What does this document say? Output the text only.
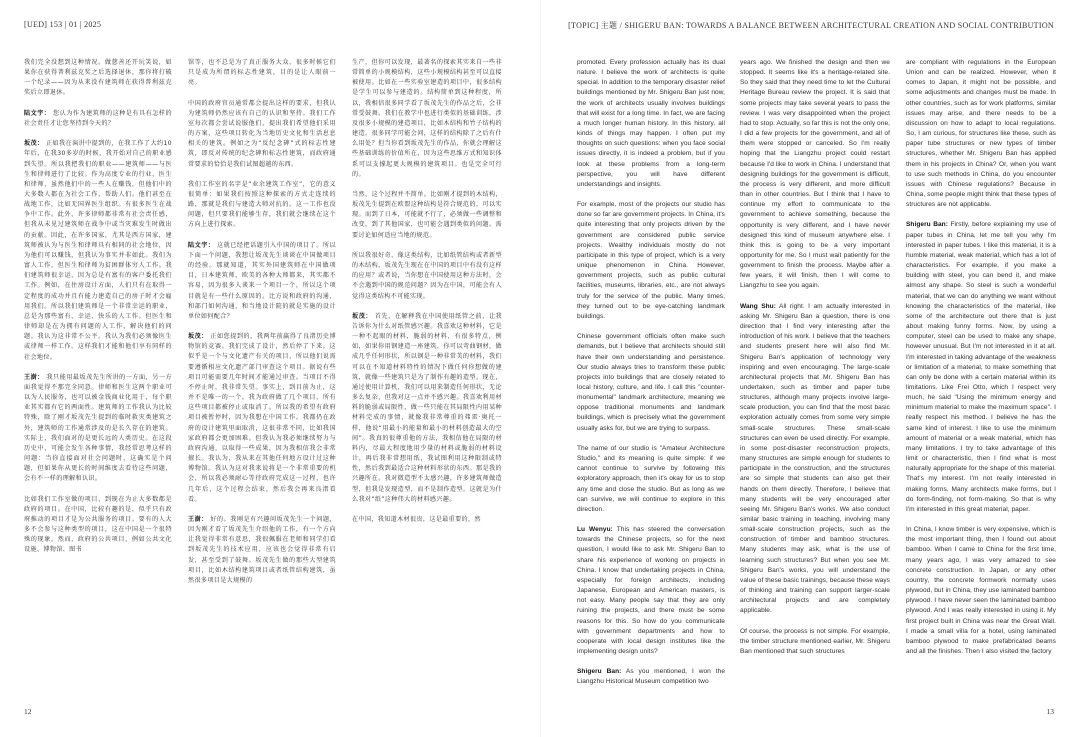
[UED] 153 | 01 | 2025	[TOPIC] 主题 / SHIGERU BAN: TOWARDS A BALANCE BETWEEN ARCHITECTURAL CREATION AND SOCIAL CONTRIBUTION

我们完全没想到这种情况。做慈善还开玩笑说，如果你在获得普利兹克奖之后选择退休，那你将打破一个纪录——因为从来没有建筑师在获得普利兹克奖后立即退休。

陆文宇： 您认为作为建筑师的这种是有具有怎样的社会责任才让您坚持到今天的？

坂茂： 正如我在演讲中提到的，在我工作了大约10年后，在我30多岁的时候，我开始对自己的职业感到失望。所以我把我们的职业——建筑师——与医生和律师进行了比较。作为高度专业的行业，医生和律师，虽然他们中的一些人在赚钱，但他们中的大多数人都在为社会工作，帮助人们。他们甚至在战地工作，比如无国界医生组织。有很多医生在战争中工作。此外，许多律师都非常有社会责任感，但我从未见过建筑师在战争中或当灾难发生时做出的贡献。因此，在许多国家，尤其是西方国家，建筑师被认为与医生和律师具有相同的社会地位，因为他们可以赚钱，但我认为事实并非如此。我们为富人工作，但医生和律师为贫困群体穷人工作。我们建筑师很幸运，因为总是有富有的客户委托我们工作。例如，在住房设计方面，人们只有在取得一定程度的成功并且有能力建造自己的房子时才会雇用我们。所以我们建筑师是一个非常幸运的职业，总是为那些富有、幸运、快乐的人工作。但医生和律师却是在为拥有问题的人工作，解决他们的问题。我认为这非常不公平。我认为我们必须像医生或律师一样工作。这样我们才能和他们享有同样的社会地位。

王澍： 我只能用最坂茂先生所讲的一方面，另一方面我觉得不那完全同意。律师和医生这两个职业可以为人民服务，也可以被金钱商业化用于，每个职业其实都有它的两面性。建筑师的工作我认为比较特殊，除了刚才坂茂先生提到的临时救灾类建筑之外，建筑师的工作通常涉及的是长久存在的建筑。实际上，我们面对的是更长远的人类历史。在这段历史中，可能会发生各种事情，我经常思考这样的问题：当你直接面对社会问题时，这确实是个问题，但如果你从更长的时间维度去看待这些问题，会有不一样的理解和认识。

比如我们工作室做的项目，到现在为止大多数都是政府的项目。在中国，比较有趣的是，似乎只有政府推动的项目才是为公共服务的项目。要有的人大多不会参与这种类型的项目，这在中国是一个很特殊的现象。然而，政府的公共项目，例如公共文化设施、博物馆、图书

馆等，也不总是为了真正服务大众，很多时候它们只是成为所谓的标志性建筑，目的是让人眼前一亮。

中国的政府官员通常都会提出这样的要求，但我认为建筑师仍然应该有自己的认识和坚持。我们工作室每次都会尝试说服他们，提出我们希望他们采用的方案，这些项目转化为当地历史文化和生活息息相关的建筑。例如之为“反纪念碑”式的标志性建筑，即反对传统的纪念碑和标志性建筑，而政府通常要求的恰恰是我们试图超越的东西。

我们工作室的名字是“业余建筑工作室”，它的意义很简单：如果我们按照这种探索的方式走连续的路，那就是我们与建造大师对抗的。这一工作也没问题，但只要我们能够生存，我们就会继续在这个方向上进行探索。

陆文宇： 这就已经把话题引入中国的项目了。所以下面一个问题，我想让坂茂先生谈谈在中国做项目的经验。那就知道，其实外国建筑师在中国做项目，日本建筑师，欧美的各种大师都来，其实都不容易，因为很多人谈来一个项目一个，所以这个项目就是有一些什么原因的。比方说和政府的沟通，和部门如何沟通，和当地设计院的就是实施的设计单位如何配合？

坂茂： 正如您提到的，我两年前赢得了良渚历史博物馆的竞赛。我们完成了设计，然后停了下来。这似乎是一个与文化遗产有关的项目，所以他们说需要遵循相应文化遗产部门审查这个项目。据说有些项目可能需要几年时间才能通过审查。当项目不得不停止时，我非常失望。事实上，到目前为止，这并不是唯一的一个。我为政府做了几个项目，所有这些项目都被停止或取消了。所以我的希望有政府项目被暂停时，因为我想在中国工作。我都仍在政府的设计建筑里面取消，这很非常不同，比如我国家政府都会更加困难。但我认为我必须继续努力与政府沟通，以取得一些成果，因为我相信我会非常擅长。我认为，我从来在其他任何地方设计过这种博物馆。我认为这对我来说将是一个非常重要的机会，所以我必须耐心等待政府完成这一过程，也许几年后，这个过程会结束，然后我会再来良渚看看。

王澍： 好的。我刚是有兴趣问坂茂先生一个问题，因为刚才看了坂茂先生介绍他的工作，有一个方向让我觉得非常有意思，我很佩服在老师和同学们看到坂茂先生的技术应用，应该也会觉得非常有启发，甚至受到了鼓舞。坂茂先生做的那些大型建筑项目，比如木结构建筑项目或者纸管结构建筑，虽然很多项目是大规模的

生产，但你可以发现，最著名的探索其实来自一些非常简单的小规模结构，这些小规模结构甚至可以直接被使用。比如在一些实验室建造的项目中，很多结构是学生可以参与建造的。结构简单到这种程度，所以，我相信很多同学看了坂茂先生的作品之后，会非常受鼓舞。我们在教学中也进行类似的基础训练，涉及很多小规模的建造项目，比如木结构和竹子结构的建造。很多同学可能会问，这样的结构除了之后有什么用处？但当你看到坂茂先生的作品，你就会理解这些基础训练的价值所在，因为这些思维方式和知识体系可以支撑起更大规模的建筑项目。也是完全可行的。

当然，这个过程并不简单。比如刚才提到的木结构，坂茂先生提到在欧盟这种结构是符合规范的，可以实现。而到了日本，可能就不行了，必须做一些调整和改变，到了其他国家，也可能会遇到类似的问题。需要讨论如何适应当地的规范。

所以我很好奇，像这类结构，比如纸管结构或者新型的木结构，坂茂先生现在在中国的项目中有没有这样的应用？或者说，当你想在中国使用这种方法时，会不会遇到中国的规范问题？因为在中国，可能会有人觉得这类结构不可能实现。

坂茂： 首先，在解释我在中国使用纸管之前，让我告诉你为什么对纸管感兴趣。我喜欢这种材料，它是一种不起眼的材料，脆弱的材料，有很多特点，例如，如果你用钢建造一座建筑，你可以弯曲钢材，做成几乎任何形状，所以钢是一种非常美的材料，我们可以在不知道材料特性的情况下做任何你想做的建筑，就像一些建筑只是为了制作有趣的造型。现在，通过使用计算机，我们可以用来制造任何形状，无论多么复杂，但我对这一点并不感兴趣。我喜欢利用材料的脆弱或局限性，做一些只能在其局限性内用某种材料完成的事情，就像我非常尊重的弗雷·奥托一样，他说“用最小的能量和最小的材料创造最大的空间”。我真的很尊重他的方法，我相信他在局限的材料内，尽最大程度地用少量的材料或脆弱的材料设计，再后我非常想用纸，我试图利用这种限制或特性，然后我到最适合这种材料形状的东西。那是我的兴趣所在。我对微造型不太感兴趣，许多建筑师做造型，但我是发现造型，而不是制作造型。这就是为什么我对“纸”这种伟大的材料感兴趣。

在中国，我知道木材很贵，这是最重要的，然

promoted. Every profession actually has its dual nature. I believe the work of architects is quite special. In addition to the temporary disaster relief buildings mentioned by Mr. Shigeru Ban just now, the work of architects usually involves buildings that will exist for a long time. In fact, we are facing a much longer human history. In this history, all kinds of things may happen. I often put my thoughts on such questions: when you face social issues directly, it is indeed a problem, but if you look at these problems from a long-term perspective, you will have different understandings and insights.

For example, most of the projects our studio has done so far are government projects. In China, it's quite interesting that only projects driven by the government are considered public service projects. Wealthy individuals mostly do not participate in this type of project, which is a very unique phenomenon in China. However, government projects, such as public cultural facilities, museums, libraries, etc., are not always truly for the service of the public. Many times, they turned out to be eye-catching landmark buildings.

Chinese government officials often make such demands, but I believe that architects should still have their own understanding and persistence. Our studio always tries to transform these public projects into buildings that are closely related to local history, culture, and life. I call this "counter-monumental" landmark architecture, meaning we oppose traditional monuments and landmark buildings, which is precisely what the government usually asks for, but we are trying to surpass.

The name of our studio is "Amateur Architecture Studio," and its meaning is quite simple: if we cannot continue to survive by following this exploratory approach, then it's okay for us to stop any time and close the studio. But as long as we can survive, we will continue to explore in this direction.

Lu Wenyu: This has steered the conversation towards the Chinese projects, so for the next question, I would like to ask Mr. Shigeru Ban to share his experience of working on projects in China. I know that undertaking projects in China, especially for foreign architects, including Japanese, European and American masters, is not easy. Many people say that they are only ruining the projects, and there must be some reasons for this. So how do you communicate with government departments and how to cooperate with local design institutes like the implementing design units?

Shigeru Ban: As you mentioned, I won the Liangzhu Historical Museum competition two

years ago. We finished the design and then we stopped. It seems like it's a heritage-related site. So they said that they need time to let the Cultural Heritage Bureau review the project. It is said that some projects may take several years to pass the review. I was very disappointed when the project had to stop. Actually, so far this is not the only one, I did a few projects for the government, and all of them were stopped or canceled. So I'm really hoping that the Liangzhu project could restart because I'd like to work in China. I understand that designing buildings for the government is difficult, the process is very different, and more difficult than in other countries. But I think that I have to continue my effort to communicate to the government to achieve something, because the opportunity is very different, and I have never designed this kind of museum anywhere else. I think this is going to be a very important opportunity for me. So I must wait patiently for the government to finish the process. Maybe after a few years, it will finish, then I will come to Liangzhu to see you again.

Wang Shu: All right. I am actually interested in asking Mr. Shigeru Ban a question, there is one direction that I find very interesting after the introduction of his work. I believe that the teachers and students present here will also find Mr. Shigeru Ban's application of technology very inspiring and even encouraging. The large-scale architectural projects that Mr. Shigeru Ban has undertaken, such as timber and paper tube structures, although many projects involve large-scale production, you can find that the most basic exploration actually comes from some very simple small-scale structures. These small-scale structures can even be used directly. For example, in some post-disaster reconstruction projects, many structures are simple enough for students to participate in the construction, and the structures are so simple that students can also get their hands on them directly. Therefore, I believe that many students will be very encouraged after seeing Mr. Shigeru Ban's works. We also conduct similar basic training in teaching, involving many small-scale construction projects, such as the construction of timber and bamboo structures. Many students may ask, what is the use of learning such structures? But when you see Mr. Shigeru Ban's works, you will understand the value of these basic trainings, because these ways of thinking and training can support larger-scale architectural projects and are completely applicable.

Of course, the process is not simple. For example, the timber structure mentioned earlier, Mr. Shigeru Ban mentioned that such structures

are compliant with regulations in the European Union and can be realized. However, when it comes to Japan, it might not be possible, and some adjustments and changes must be made. In other countries, such as for work platforms, similar issues may arise, and there needs to be a discussion on how to adapt to local regulations. So, I am curious, for structures like these, such as paper tube structures or new types of timber structures, whether Mr. Shigeru Ban has applied them in his projects in China? Or, when you want to use such methods in China, do you encounter issues with Chinese regulations? Because in China, some people might think that these types of structures are not applicable.

Shigeru Ban: Firstly, before explaining my use of paper tubes in China, let me tell you why I'm interested in paper tubes. I like this material, it is a humble material, weak material, which has a lot of characteristics. For example, if you make a building with steel, you can bend it, and make almost any shape. So steel is such a wonderful material, that we can do anything we want without knowing the characteristics of the material, like some of the architecture out there that is just about making funny forms. Now, by using a computer, steel can be used to make any shape, however unusual. But I'm not interested in it at all. I'm interested in taking advantage of the weakness or limitation of a material, to make something that can only be done with a certain material within its limitations. Like Frei Otto, which I respect very much, he said "Using the minimum energy and minimum material to make the maximum space". I really respect his method. I believe he has the same kind of interest. I like to use the minimum amount of material or a weak material, which has many limitations. I try to take advantage of this limit or characteristic, then I find what is most naturally appropriate for the shape of this material. That's my interest. I'm not really interested in making forms. Many architects make forms, but I do form-finding, not form-making. So that is why I'm interested in this great material, paper.

In China, I know timber is very expensive, which is the most important thing, then I found out about bamboo. When I came to China for the first time, many years ago, I was very amazed to see concrete construction. In Japan, or any other country, the concrete formwork normally uses plywood, but in China, they use laminated bamboo plywood. I have never seen the laminated bamboo plywood. And I was really interested in using it. My first project built in China was near the Great Wall. I made a small villa for a hotel, using laminated bamboo plywood to make prefabricated beams and all the finishes. Then I also visited the factory

12	13
